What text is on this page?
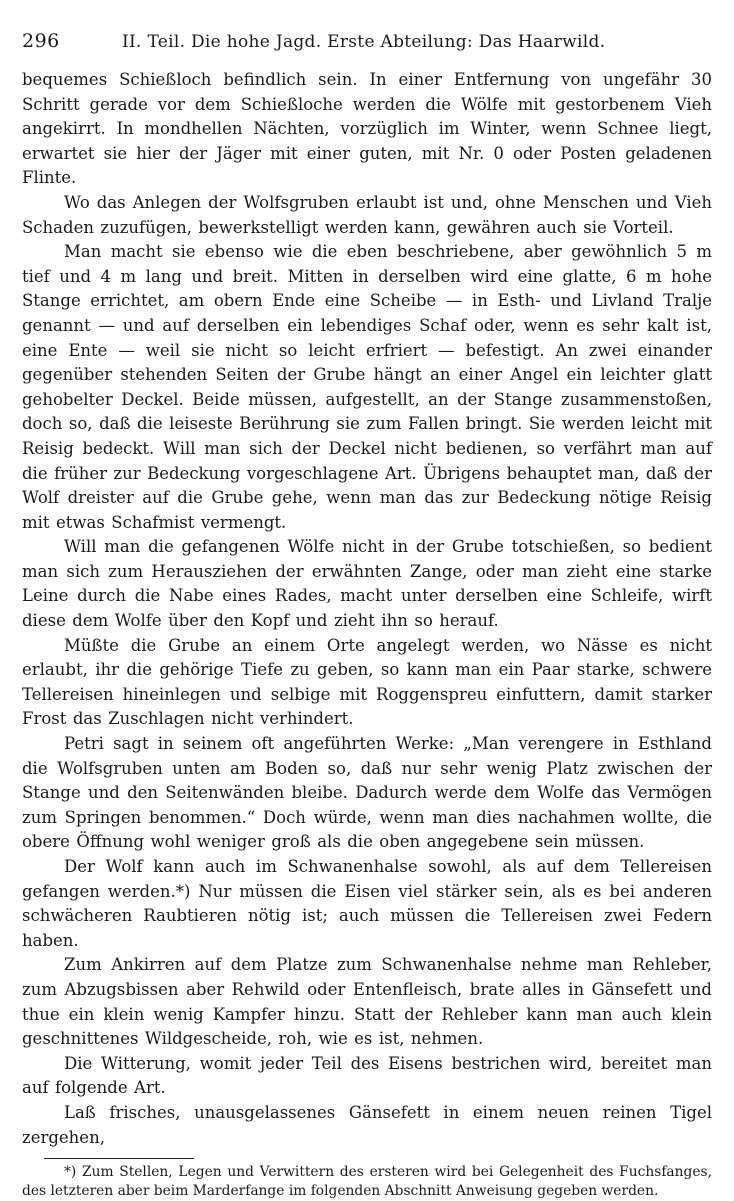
296	II. Teil. Die hohe Jagd. Erste Abteilung: Das Haarwild.

bequemes Schießloch befindlich sein. In einer Entfernung von ungefähr 30 Schritt gerade vor dem Schießloche werden die Wölfe mit gestorbenem Vieh angekirrt. In mondhellen Nächten, vorzüglich im Winter, wenn Schnee liegt, erwartet sie hier der Jäger mit einer guten, mit Nr. 0 oder Posten geladenen Flinte.

Wo das Anlegen der Wolfsgruben erlaubt ist und, ohne Menschen und Vieh Schaden zuzufügen, bewerkstelligt werden kann, gewähren auch sie Vorteil.

Man macht sie ebenso wie die eben beschriebene, aber gewöhnlich 5 m tief und 4 m lang und breit. Mitten in derselben wird eine glatte, 6 m hohe Stange errichtet, am obern Ende eine Scheibe — in Esth- und Livland Tralje genannt — und auf derselben ein lebendiges Schaf oder, wenn es sehr kalt ist, eine Ente — weil sie nicht so leicht erfriert — befestigt. An zwei einander gegenüber stehenden Seiten der Grube hängt an einer Angel ein leichter glatt gehobelter Deckel. Beide müssen, aufgestellt, an der Stange zusammenstoßen, doch so, daß die leiseste Berührung sie zum Fallen bringt. Sie werden leicht mit Reisig bedeckt. Will man sich der Deckel nicht bedienen, so verfährt man auf die früher zur Bedeckung vorgeschlagene Art. Übrigens behauptet man, daß der Wolf dreister auf die Grube gehe, wenn man das zur Bedeckung nötige Reisig mit etwas Schafmist vermengt.

Will man die gefangenen Wölfe nicht in der Grube totschießen, so bedient man sich zum Herausziehen der erwähnten Zange, oder man zieht eine starke Leine durch die Nabe eines Rades, macht unter derselben eine Schleife, wirft diese dem Wolfe über den Kopf und zieht ihn so herauf.

Müßte die Grube an einem Orte angelegt werden, wo Nässe es nicht erlaubt, ihr die gehörige Tiefe zu geben, so kann man ein Paar starke, schwere Tellereisen hineinlegen und selbige mit Roggenspreu einfuttern, damit starker Frost das Zuschlagen nicht verhindert.

Petri sagt in seinem oft angeführten Werke: „Man verengere in Esthland die Wolfsgruben unten am Boden so, daß nur sehr wenig Platz zwischen der Stange und den Seitenwänden bleibe. Dadurch werde dem Wolfe das Vermögen zum Springen benommen.“ Doch würde, wenn man dies nachahmen wollte, die obere Öffnung wohl weniger groß als die oben angegebene sein müssen.

Der Wolf kann auch im Schwanenhalse sowohl, als auf dem Tellereisen gefangen werden.*) Nur müssen die Eisen viel stärker sein, als es bei anderen schwächeren Raubtieren nötig ist; auch müssen die Tellereisen zwei Federn haben.

Zum Ankirren auf dem Platze zum Schwanenhalse nehme man Rehleber, zum Abzugsbissen aber Rehwild oder Entenfleisch, brate alles in Gänsefett und thue ein klein wenig Kampfer hinzu. Statt der Rehleber kann man auch klein geschnittenes Wildgescheide, roh, wie es ist, nehmen.

Die Witterung, womit jeder Teil des Eisens bestrichen wird, bereitet man auf folgende Art.

Laß frisches, unausgelassenes Gänsefett in einem neuen reinen Tigel zergehen,

*) Zum Stellen, Legen und Verwittern des ersteren wird bei Gelegenheit des Fuchsfanges, des letzteren aber beim Marderfange im folgenden Abschnitt Anweisung gegeben werden.
